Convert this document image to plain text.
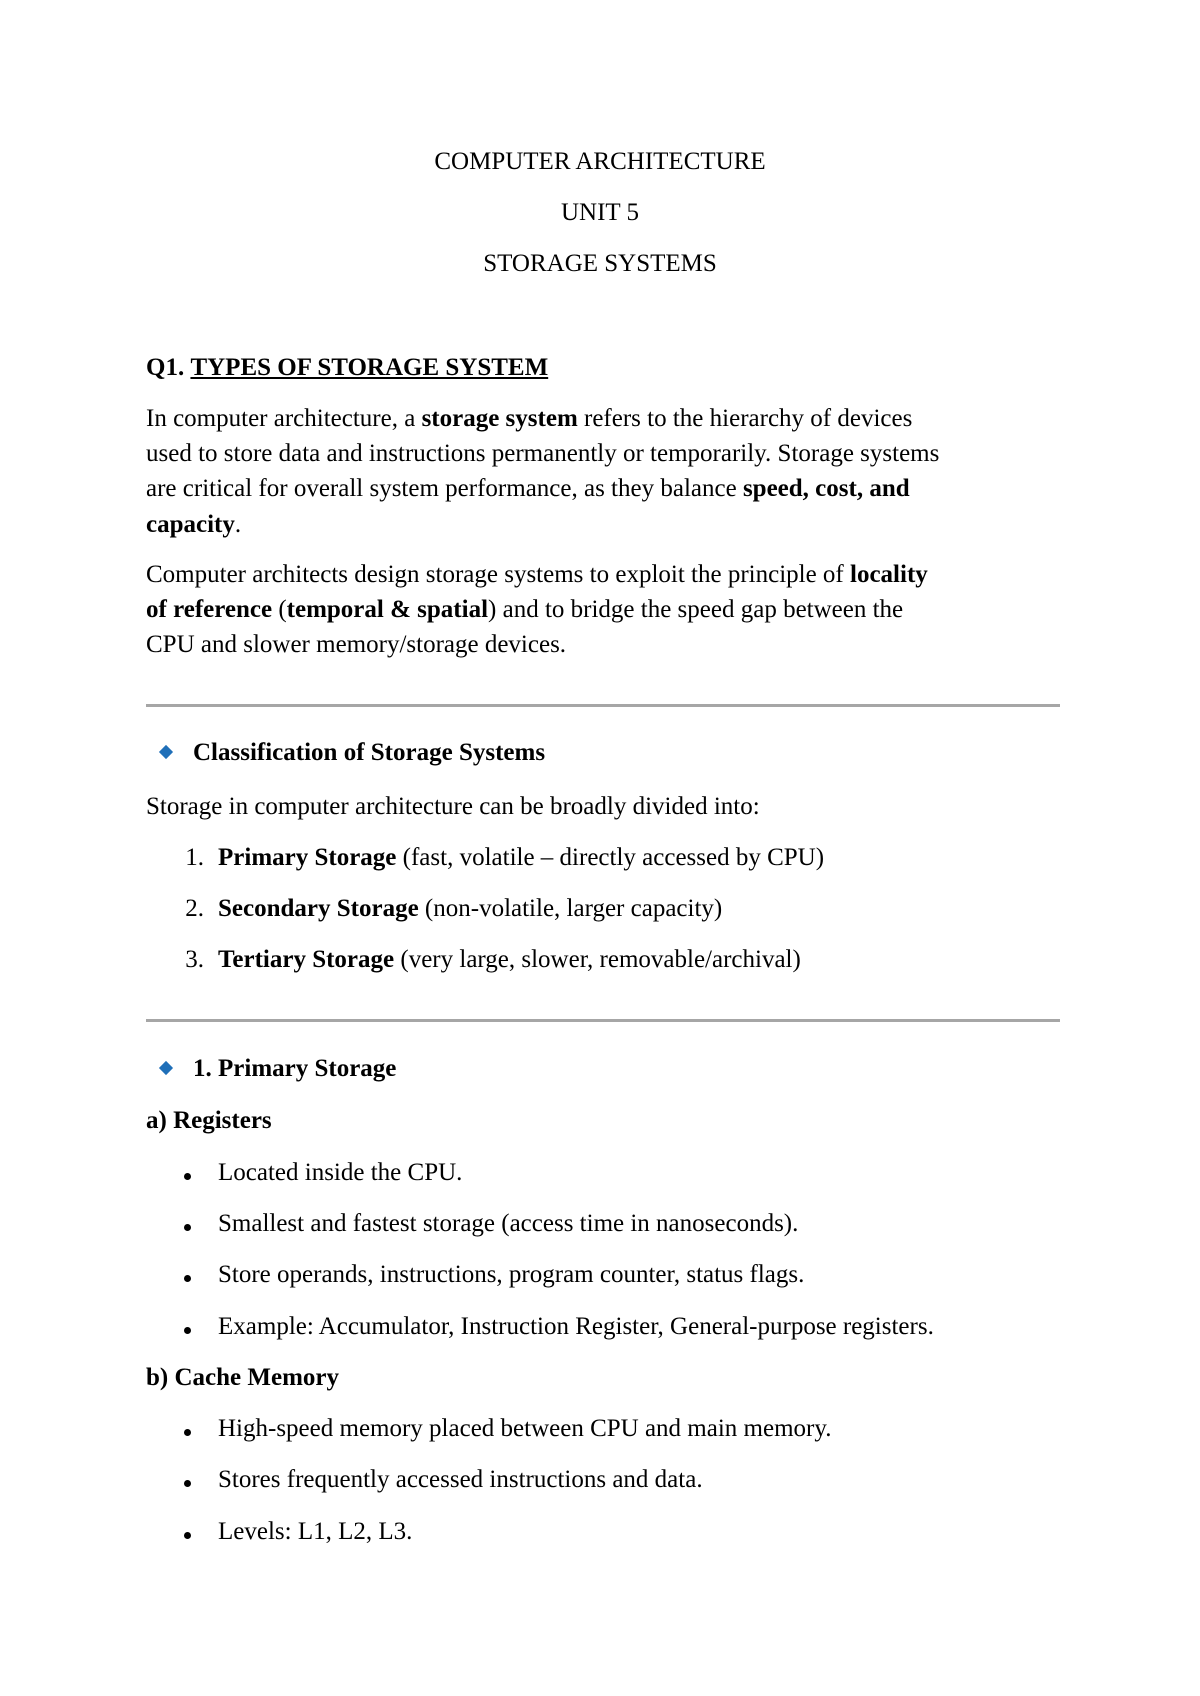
COMPUTER ARCHITECTURE
UNIT 5
STORAGE SYSTEMS
Q1. TYPES OF STORAGE SYSTEM
In computer architecture, a storage system refers to the hierarchy of devices
used to store data and instructions permanently or temporarily. Storage systems
are critical for overall system performance, as they balance speed, cost, and
capacity.
Computer architects design storage systems to exploit the principle of locality
of reference (temporal & spatial) and to bridge the speed gap between the
CPU and slower memory/storage devices.
Classification of Storage Systems
Storage in computer architecture can be broadly divided into:
1. Primary Storage (fast, volatile – directly accessed by CPU)
2. Secondary Storage (non-volatile, larger capacity)
3. Tertiary Storage (very large, slower, removable/archival)
1. Primary Storage
a) Registers
Located inside the CPU.
Smallest and fastest storage (access time in nanoseconds).
Store operands, instructions, program counter, status flags.
Example: Accumulator, Instruction Register, General-purpose registers.
b) Cache Memory
High-speed memory placed between CPU and main memory.
Stores frequently accessed instructions and data.
Levels: L1, L2, L3.
